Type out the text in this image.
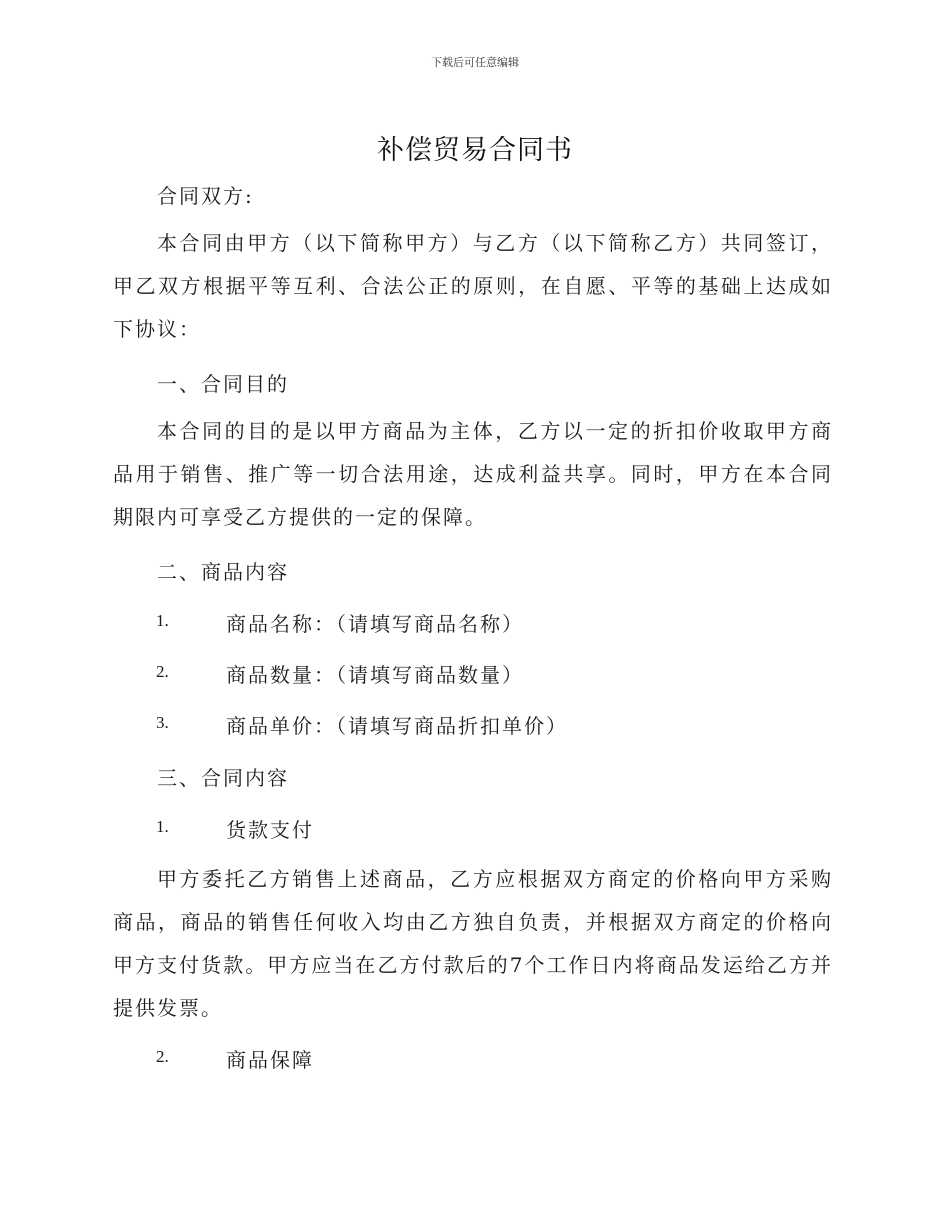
下载后可任意编辑
补偿贸易合同书
合同双方:
本合同由甲方（以下简称甲方）与乙方（以下简称乙方）共同签订，甲乙双方根据平等互利、合法公正的原则，在自愿、平等的基础上达成如下协议：
一、合同目的
本合同的目的是以甲方商品为主体，乙方以一定的折扣价收取甲方商品用于销售、推广等一切合法用途，达成利益共享。同时，甲方在本合同期限内可享受乙方提供的一定的保障。
二、商品内容
1.	商品名称：（请填写商品名称）
2.	商品数量：（请填写商品数量）
3.	商品单价：（请填写商品折扣单价）
三、合同内容
1.	货款支付
甲方委托乙方销售上述商品，乙方应根据双方商定的价格向甲方采购商品，商品的销售任何收入均由乙方独自负责，并根据双方商定的价格向甲方支付货款。甲方应当在乙方付款后的7个工作日内将商品发运给乙方并提供发票。
2.	商品保障
